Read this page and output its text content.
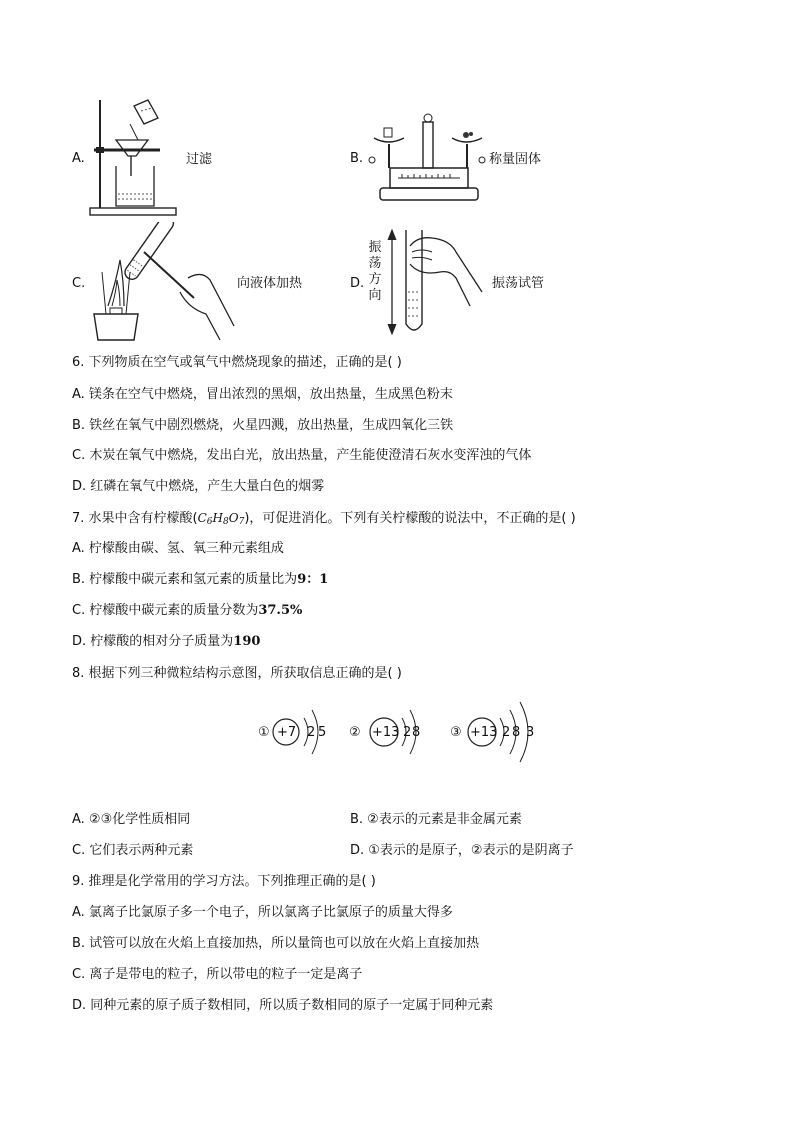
A.	过滤	B.	称量固体
C.	向液体加热	D.
振荡方向
振荡试管
6. 下列物质在空气或氧气中燃烧现象的描述，正确的是( )
A. 镁条在空气中燃烧，冒出浓烈的黑烟，放出热量，生成黑色粉末
B. 铁丝在氧气中剧烈燃烧，火星四溅，放出热量，生成四氧化三铁
C. 木炭在氧气中燃烧，发出白光，放出热量，产生能使澄清石灰水变浑浊的气体
D. 红磷在氧气中燃烧，产生大量白色的烟雾
7. 水果中含有柠檬酸$(C_6H_8O_7)$，可促进消化。下列有关柠檬酸的说法中，不正确的是( )
A. 柠檬酸由碳、氢、氧三种元素组成
B. 柠檬酸中碳元素和氢元素的质量比为9：1
C. 柠檬酸中碳元素的质量分数为37.5%
D. 柠檬酸的相对分子质量为190
8. 根据下列三种微粒结构示意图，所获取信息正确的是( )
① +7 2 5 ② +13 2 8 ③ +13 2 8 3
A. ②③化学性质相同	B. ②表示的元素是非金属元素
C. 它们表示两种元素	D. ①表示的是原子，②表示的是阴离子
9. 推理是化学常用的学习方法。下列推理正确的是( )
A. 氯离子比氯原子多一个电子，所以氯离子比氯原子的质量大得多
B. 试管可以放在火焰上直接加热，所以量筒也可以放在火焰上直接加热
C. 离子是带电的粒子，所以带电的粒子一定是离子
D. 同种元素的原子质子数相同，所以质子数相同的原子一定属于同种元素
